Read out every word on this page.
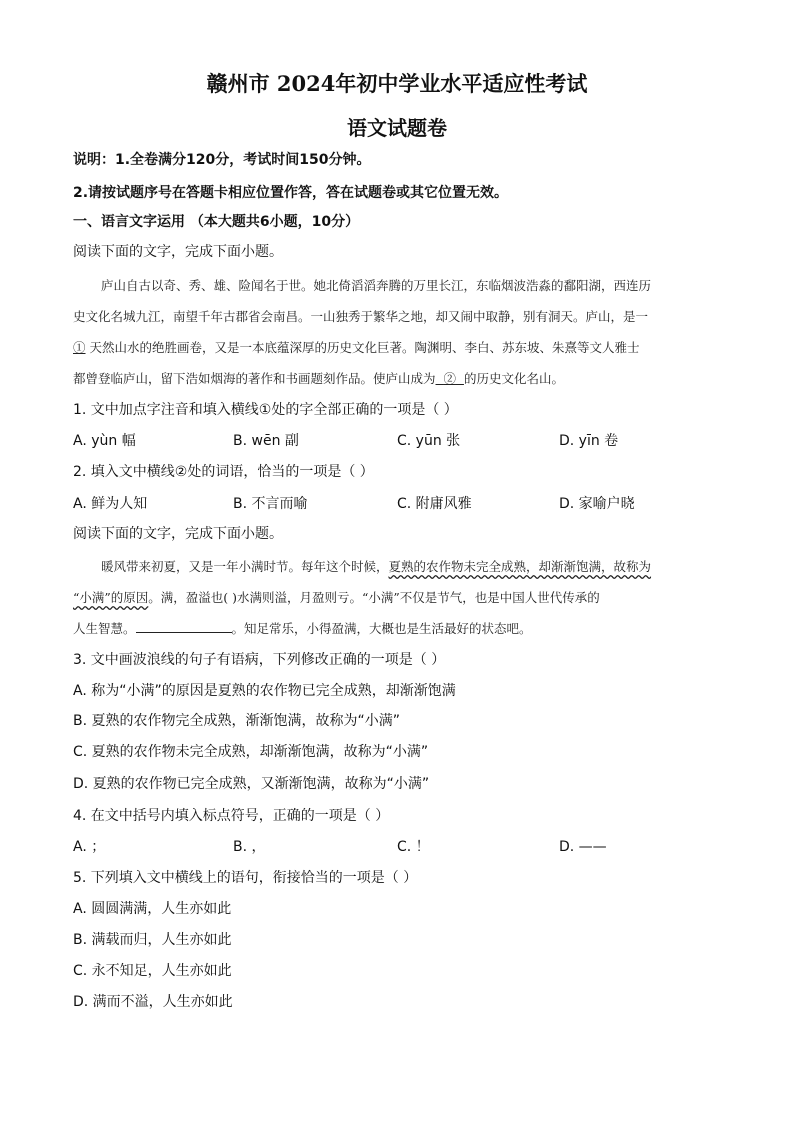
赣州市 2024年初中学业水平适应性考试
语文试题卷
说明：1.全卷满分120分，考试时间150分钟。
2.请按试题序号在答题卡相应位置作答，答在试题卷或其它位置无效。
一、语言文字运用 （本大题共6小题，10分）
阅读下面的文字，完成下面小题。
庐山自古以奇、秀、雄、险闻名于世。她北倚滔滔奔腾的万里长江，东临烟波浩淼的鄱阳湖，西连历
史文化名城九江，南望千年古郡省会南昌。一山独秀于繁华之地，却又闹中取静，别有洞天。庐山，是一
① 天然山水的绝胜画卷，又是一本底蕴深厚的历史文化巨著。陶渊明、李白、苏东坡、朱熹等文人雅士
都曾登临庐山，留下浩如烟海的著作和书画题刻作品。使庐山成为 ② 的历史文化名山。
1. 文中加点字注音和填入横线①处的字全部正确的一项是（ ）
A. yùn 幅	B. wēn 副	C. yūn 张	D. yīn 卷
2. 填入文中横线②处的词语，恰当的一项是（ ）
A. 鲜为人知	B. 不言而喻	C. 附庸风雅	D. 家喻户晓
阅读下面的文字，完成下面小题。
暖风带来初夏，又是一年小满时节。每年这个时候，夏熟的农作物未完全成熟，却渐渐饱满，故称为
“小满”的原因。满，盈溢也( )水满则溢，月盈则亏。“小满”不仅是节气，也是中国人世代传承的
人生智慧。	。知足常乐，小得盈满，大概也是生活最好的状态吧。
3. 文中画波浪线的句子有语病，下列修改正确的一项是（ ）
A. 称为“小满”的原因是夏熟的农作物已完全成熟，却渐渐饱满
B. 夏熟的农作物完全成熟，渐渐饱满，故称为“小满”
C. 夏熟的农作物未完全成熟，却渐渐饱满，故称为“小满”
D. 夏熟的农作物已完全成熟，又渐渐饱满，故称为“小满”
4. 在文中括号内填入标点符号，正确的一项是（ ）
A. ；	B. ，	C. ！	D. ——
5. 下列填入文中横线上的语句，衔接恰当的一项是（ ）
A. 圆圆满满，人生亦如此
B. 满载而归，人生亦如此
C. 永不知足，人生亦如此
D. 满而不溢，人生亦如此
